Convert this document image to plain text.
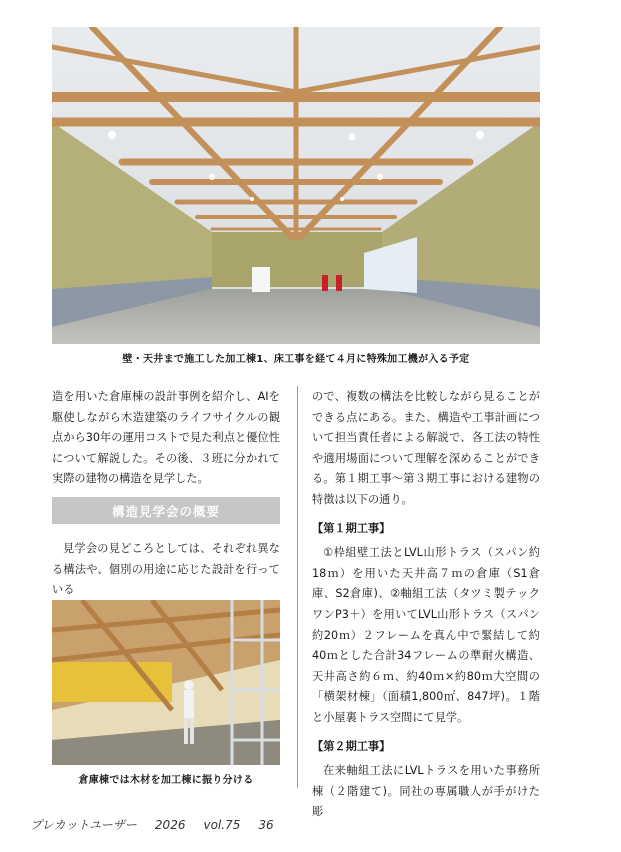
壁・天井まで施工した加工棟1、床工事を経て４月に特殊加工機が入る予定

造を用いた倉庫棟の設計事例を紹介し、AIを駆使しながら木造建築のライフサイクルの観点から30年の運用コストで見た利点と優位性について解説した。その後、３班に分かれて実際の建物の構造を見学した。

構造見学会の概要

見学会の見どころとしては、それぞれ異なる構法や、個別の用途に応じた設計を行っている

倉庫棟では木材を加工棟に振り分ける

ので、複数の構法を比較しながら見ることができる点にある。また、構造や工事計画について担当責任者による解説で、各工法の特性や適用場面について理解を深めることができる。第１期工事〜第３期工事における建物の特徴は以下の通り。

【第１期工事】

①枠組壁工法とLVL山形トラス（スパン約18ｍ）を用いた天井高７ｍの倉庫（S1倉庫、S2倉庫)、②軸組工法（タツミ製テックワンP3＋）を用いてLVL山形トラス（スパン約20ｍ）２フレームを真ん中で緊結して約40ｍとした合計34フレームの準耐火構造、天井高さ約６ｍ、約40ｍ×約80ｍ大空間の「横架材棟」（面積1,800㎡、847坪)。１階と小屋裏トラス空間にて見学。

【第２期工事】

在来軸組工法にLVLトラスを用いた事務所棟（２階建て)。同社の専属職人が手がけた彫

プレカットユーザー 2026 vol.75 36
